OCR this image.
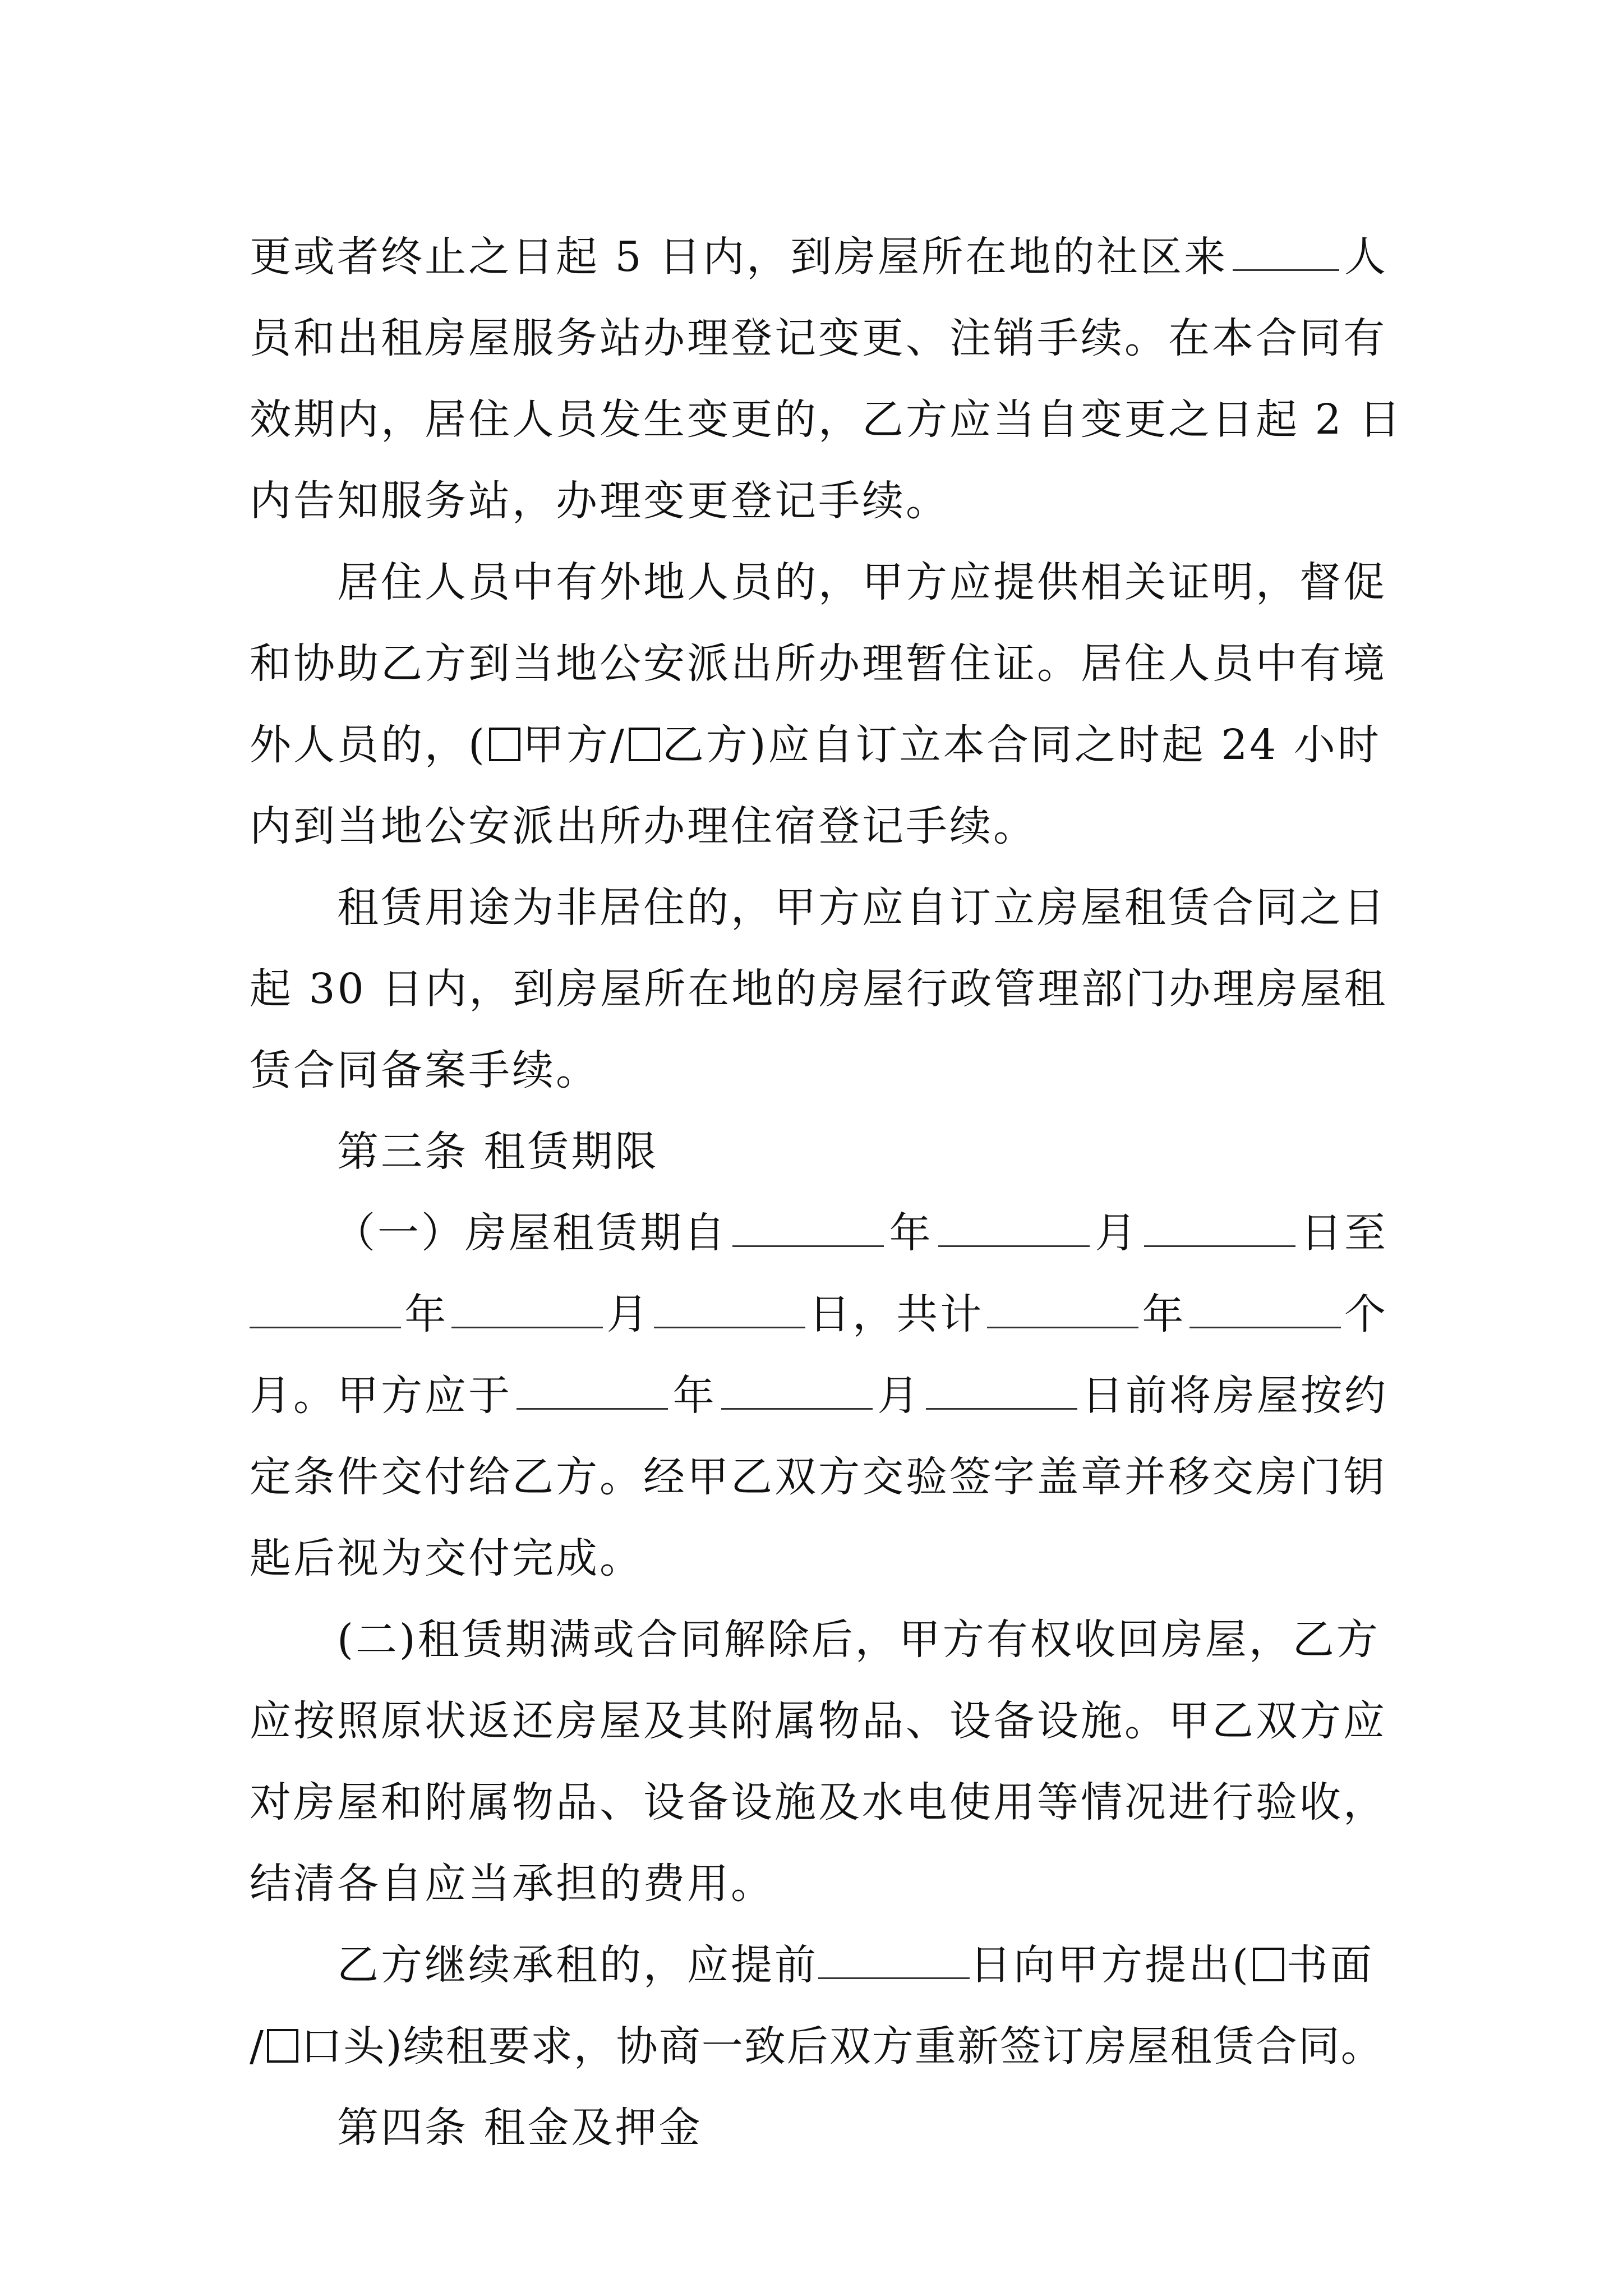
更或者终止之日起 5 日内，到房屋所在地的社区来	人
员和出租房屋服务站办理登记变更、注销手续。在本合同有
效期内，居住人员发生变更的，乙方应当自变更之日起 2 日
内告知服务站，办理变更登记手续。
居住人员中有外地人员的，甲方应提供相关证明，督促
和协助乙方到当地公安派出所办理暂住证。居住人员中有境
外人员的，( 甲方/ 乙方)应自订立本合同之时起 24 小时
内到当地公安派出所办理住宿登记手续。
租赁用途为非居住的，甲方应自订立房屋租赁合同之日
起 30 日内，到房屋所在地的房屋行政管理部门办理房屋租
赁合同备案手续。
第三条 租赁期限
（一）房屋租赁期自	年	月	日至
年	月	日，共计	年	个
月。甲方应于	年	月	日前将房屋按约
定条件交付给乙方。经甲乙双方交验签字盖章并移交房门钥
匙后视为交付完成。
(二)租赁期满或合同解除后，甲方有权收回房屋，乙方
应按照原状返还房屋及其附属物品、设备设施。甲乙双方应
对房屋和附属物品、设备设施及水电使用等情况进行验收，
结清各自应当承担的费用。
乙方继续承租的，应提前	日向甲方提出( 书面
/ 口头)续租要求，协商一致后双方重新签订房屋租赁合同。
第四条 租金及押金
